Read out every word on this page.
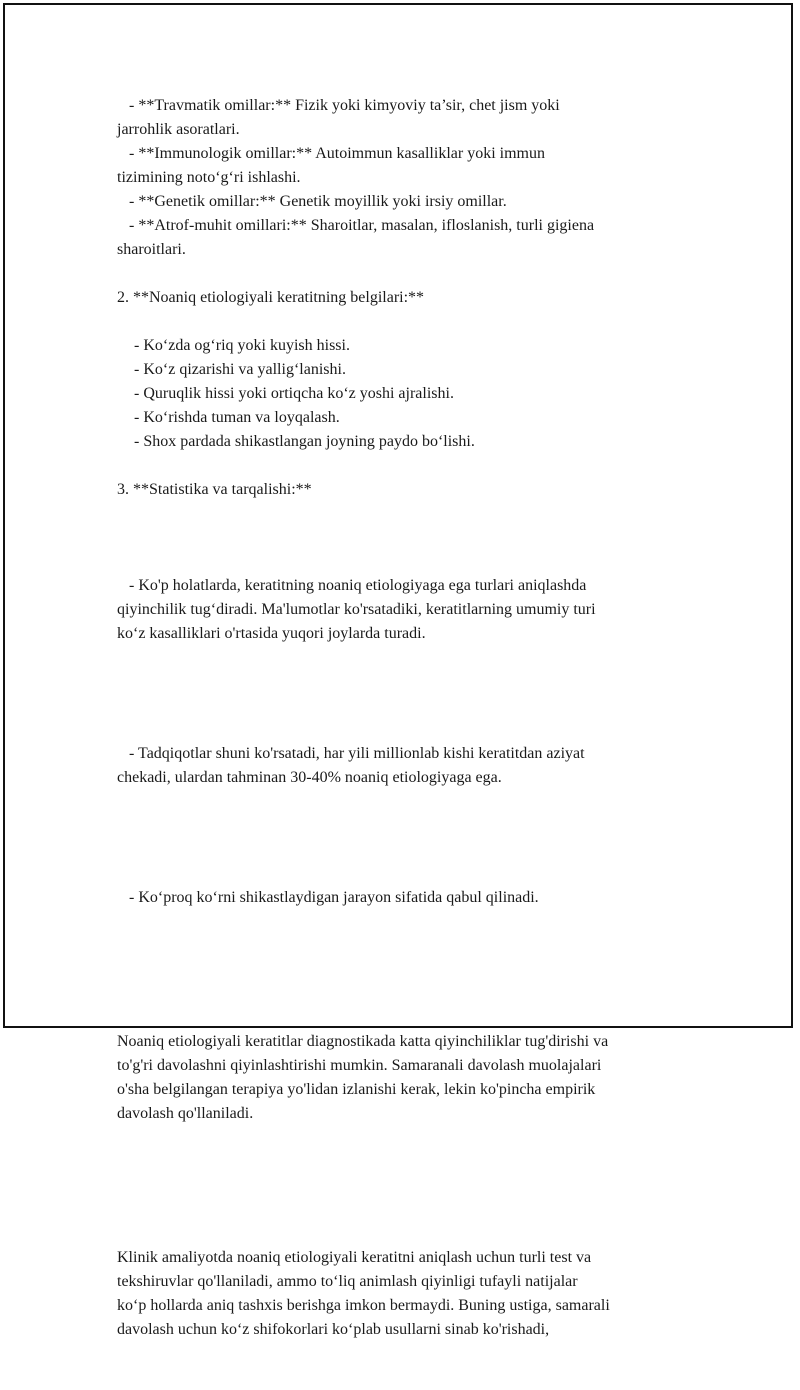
- **Travmatik omillar:** Fizik yoki kimyoviy ta’sir, chet jism yoki
jarrohlik asoratlari.

- **Immunologik omillar:** Autoimmun kasalliklar yoki immun
tizimining noto‘g‘ri ishlashi.

- **Genetik omillar:** Genetik moyillik yoki irsiy omillar.

- **Atrof-muhit omillari:** Sharoitlar, masalan, ifloslanish, turli gigiena
sharoitlari.

2. **Noaniq etiologiyali keratitning belgilari:**

- Ko‘zda og‘riq yoki kuyish hissi.

- Ko‘z qizarishi va yallig‘lanishi.

- Quruqlik hissi yoki ortiqcha ko‘z yoshi ajralishi.

- Ko‘rishda tuman va loyqalash.

- Shox pardada shikastlangan joyning paydo bo‘lishi.

3. **Statistika va tarqalishi:**

- Ko'p holatlarda, keratitning noaniq etiologiyaga ega turlari aniqlashda
qiyinchilik tug‘diradi. Ma'lumotlar ko'rsatadiki, keratitlarning umumiy turi
ko‘z kasalliklari o'rtasida yuqori joylarda turadi.

- Tadqiqotlar shuni ko'rsatadi, har yili millionlab kishi keratitdan aziyat
chekadi, ulardan tahminan 30-40% noaniq etiologiyaga ega.

- Ko‘proq ko‘rni shikastlaydigan jarayon sifatida qabul qilinadi.

Noaniq etiologiyali keratitlar diagnostikada katta qiyinchiliklar tug'dirishi va
to'g'ri davolashni qiyinlashtirishi mumkin. Samaranali davolash muolajalari
o'sha belgilangan terapiya yo'lidan izlanishi kerak, lekin ko'pincha empirik
davolash qo'llaniladi.

Klinik amaliyotda noaniq etiologiyali keratitni aniqlash uchun turli test va
tekshiruvlar qo'llaniladi, ammo to‘liq animlash qiyinligi tufayli natijalar
ko‘p hollarda aniq tashxis berishga imkon bermaydi. Buning ustiga, samarali
davolash uchun ko‘z shifokorlari ko‘plab usullarni sinab ko'rishadi,
